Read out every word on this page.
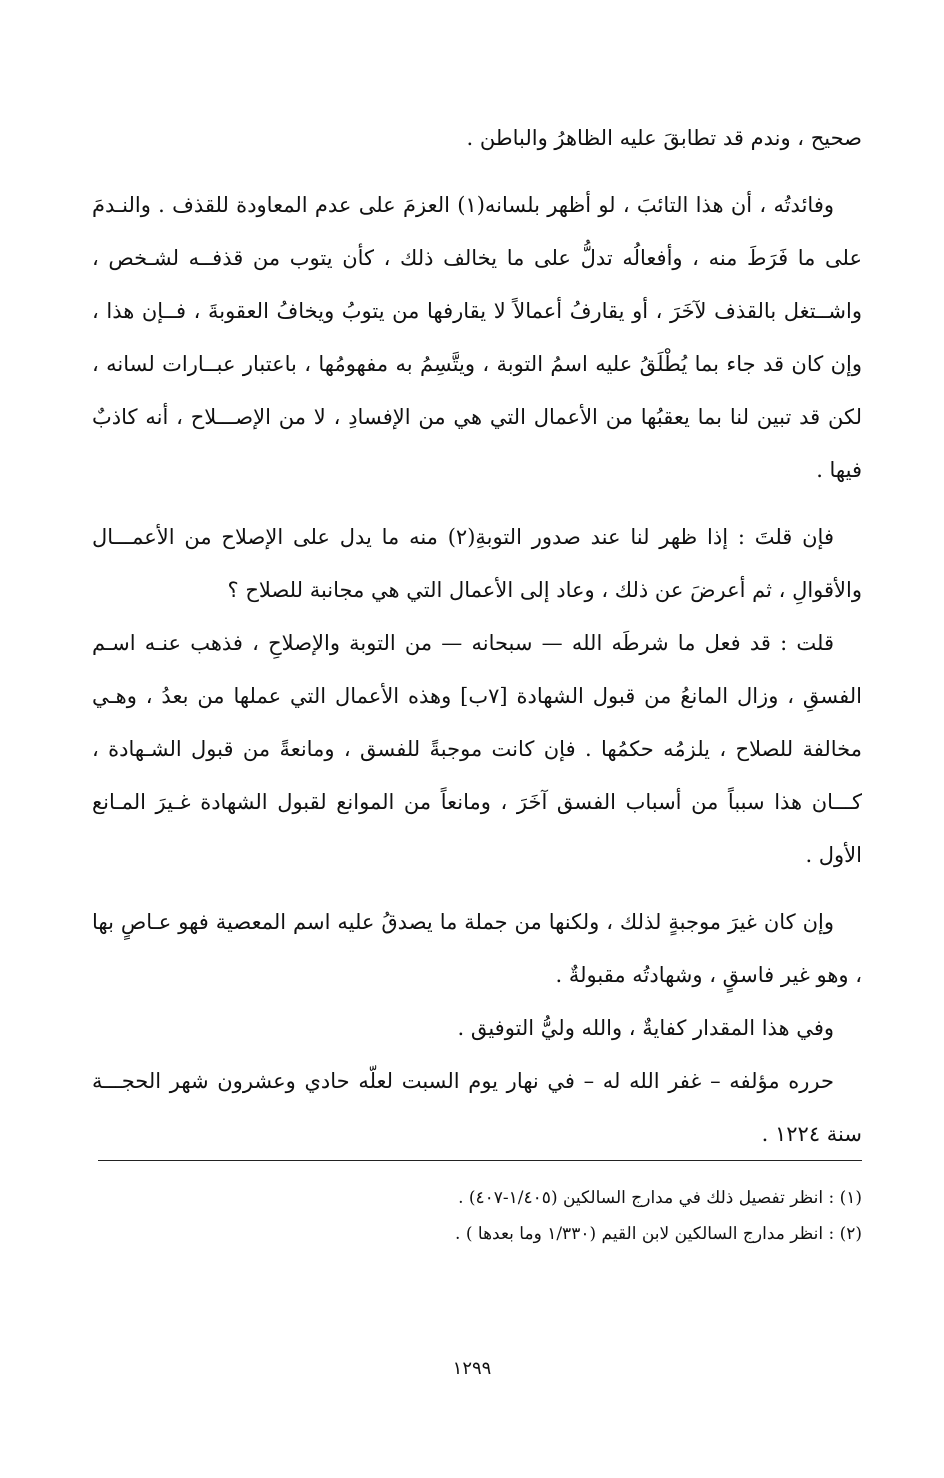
صحيح ، وندم قد تطابقَ عليه الظاهرُ والباطن .

وفائدتُه ، أن هذا التائبَ ، لو أظهر بلسانه(١) العزمَ على عدم المعاودة للقذف . والنـدمَ على ما فَرَطَ منه ، وأفعالُه تدلُّ على ما يخالف ذلك ، كأن يتوب من قذفــه لشـخص ، واشــتغل بالقذف لآخَرَ ، أو يقارفُ أعمالاً لا يقارفها من يتوبُ ويخافُ العقوبةَ ، فــإن هذا ، وإن كان قد جاء بما يُطْلَقُ عليه اسمُ التوبة ، ويتَّسِمُ به مفهومُها ، باعتبار عبــارات لسانه ، لكن قد تبين لنا بما يعقبُها من الأعمال التي هي من الإفسادِ ، لا من الإصـــلاح ، أنه كاذبٌ فيها .

فإن قلتَ : إذا ظهر لنا عند صدور التوبةِ(٢) منه ما يدل على الإصلاح من الأعمـــال والأقوالِ ، ثم أعرضَ عن ذلك ، وعاد إلى الأعمال التي هي مجانبة للصلاح ؟

قلت : قد فعل ما شرطَه الله — سبحانه — من التوبة والإصلاحِ ، فذهب عنـه اسـم الفسقِ ، وزال المانعُ من قبول الشهادة [٧ب] وهذه الأعمال التي عملها من بعدُ ، وهـي مخالفة للصلاح ، يلزمُه حكمُها . فإن كانت موجبةً للفسق ، ومانعةً من قبول الشـهادة ، كـــان هذا سبباً من أسباب الفسق آخَرَ ، ومانعاً من الموانع لقبول الشهادة غـيرَ المـانع الأول .

وإن كان غيرَ موجبةٍ لذلك ، ولكنها من جملة ما يصدقُ عليه اسم المعصية فهو عـاصٍ بها ، وهو غير فاسقٍ ، وشهادتُه مقبولةٌ .

وفي هذا المقدار كفايةٌ ، والله وليُّ التوفيق .

حرره مؤلفه – غفر الله له – في نهار يوم السبت لعلّه حادي وعشرون شهر الحجـــة سنة ١٢٢٤ .

(١) : انظر تفصيل ذلك في مدارج السالكين (١/٤٠٥-٤٠٧) .

(٢) : انظر مدارج السالكين لابن القيم (١/٣٣٠ وما بعدها ) .

١٢٩٩
